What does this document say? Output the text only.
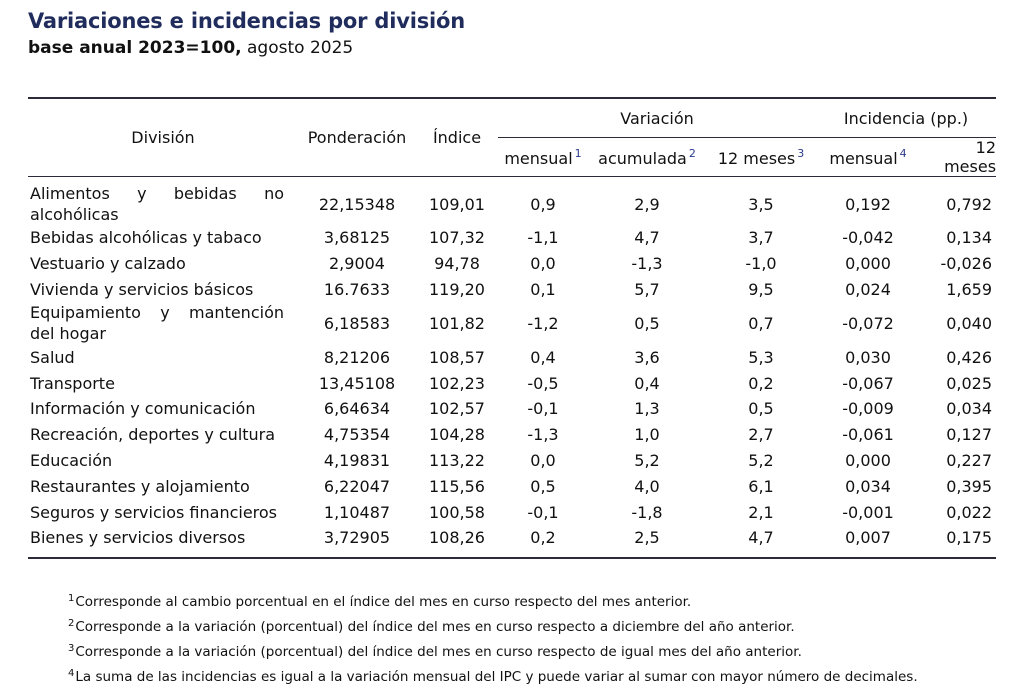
Variaciones e incidencias por división

base anual 2023=100, agosto 2025

División	Ponderación	Índice	Variación			Incidencia (pp.)	
			mensual $^1$	acumulada $^2$	12 meses $^3$	mensual $^4$	12 meses
Alimentos y bebidas no alcohólicas	22,15348	109,01	0,9	2,9	3,5	0,192	0,792
Bebidas alcohólicas y tabaco	3,68125	107,32	-1,1	4,7	3,7	-0,042	0,134
Vestuario y calzado	2,9004	94,78	0,0	-1,3	-1,0	0,000	-0,026
Vivienda y servicios básicos	16.7633	119,20	0,1	5,7	9,5	0,024	1,659
Equipamiento y mantención del hogar	6,18583	101,82	-1,2	0,5	0,7	-0,072	0,040
Salud	8,21206	108,57	0,4	3,6	5,3	0,030	0,426
Transporte	13,45108	102,23	-0,5	0,4	0,2	-0,067	0,025
Información y comunicación	6,64634	102,57	-0,1	1,3	0,5	-0,009	0,034
Recreación, deportes y cultura	4,75354	104,28	-1,3	1,0	2,7	-0,061	0,127
Educación	4,19831	113,22	0,0	5,2	5,2	0,000	0,227
Restaurantes y alojamiento	6,22047	115,56	0,5	4,0	6,1	0,034	0,395
Seguros y servicios financieros	1,10487	100,58	-0,1	-1,8	2,1	-0,001	0,022
Bienes y servicios diversos	3,72905	108,26	0,2	2,5	4,7	0,007	0,175
$^1$Corresponde al cambio porcentual en el índice del mes en curso respecto del mes anterior.
$^2$Corresponde a la variación (porcentual) del índice del mes en curso respecto a diciembre del año anterior.
$^3$Corresponde a la variación (porcentual) del índice del mes en curso respecto de igual mes del año anterior.
$^4$La suma de las incidencias es igual a la variación mensual del IPC y puede variar al sumar con mayor número de decimales.
